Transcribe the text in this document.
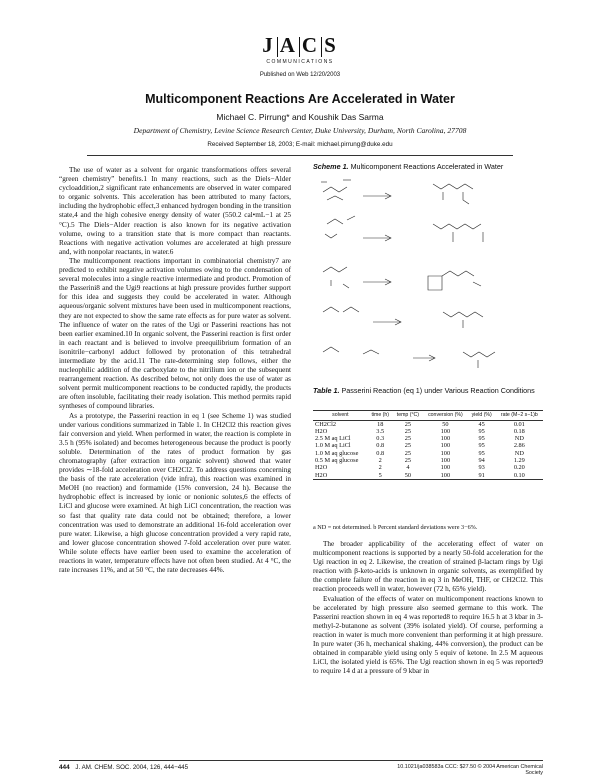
J A C S
COMMUNICATIONS
Published on Web 12/20/2003
Multicomponent Reactions Are Accelerated in Water
Michael C. Pirrung* and Koushik Das Sarma
Department of Chemistry, Levine Science Research Center, Duke University, Durham, North Carolina, 27708
Received September 18, 2003; E-mail: michael.pirrung@duke.edu

The use of water as a solvent for organic transformations offers several “green chemistry” benefits.1 In many reactions, such as the Diels−Alder cycloaddition,2 significant rate enhancements are observed in water compared to organic solvents. This acceleration has been attributed to many factors, including the hydrophobic effect,3 enhanced hydrogen bonding in the transition state,4 and the high cohesive energy density of water (550.2 cal•mL−1 at 25 °C).5 The Diels−Alder reaction is also known for its negative activation volume, owing to a transition state that is more compact than reactants. Reactions with negative activation volumes are accelerated at high pressure and, with nonpolar reactants, in water.6

The multicomponent reactions important in combinatorial chemistry7 are predicted to exhibit negative activation volumes owing to the condensation of several molecules into a single reactive intermediate and product. Promotion of the Passerini8 and the Ugi9 reactions at high pressure provides further support for this idea and suggests they could be accelerated in water. Although aqueous/organic solvent mixtures have been used in multicomponent reactions, they are not expected to show the same rate effects as for pure water as solvent. The influence of water on the rates of the Ugi or Passerini reactions has not been earlier examined.10 In organic solvent, the Passerini reaction is first order in each reactant and is believed to involve preequilibrium formation of an isonitrile−carbonyl adduct followed by protonation of this tetrahedral intermediate by the acid.11 The rate-determining step follows, either the nucleophilic addition of the carboxylate to the nitrilium ion or the subsequent rearrangement reaction. As described below, not only does the use of water as solvent permit multicomponent reactions to be conducted rapidly, the products are often insoluble, facilitating their ready isolation. This method permits rapid syntheses of compound libraries.

As a prototype, the Passerini reaction in eq 1 (see Scheme 1) was studied under various conditions summarized in Table 1. In CH2Cl2 this reaction gives fair conversion and yield. When performed in water, the reaction is complete in 3.5 h (95% isolated) and becomes heterogeneous because the product is poorly soluble. Determination of the rates of product formation by gas chromatography (after extraction into organic solvent) showed that water provides ∼18-fold acceleration over CH2Cl2. To address questions concerning the basis of the rate acceleration (vide infra), this reaction was examined in MeOH (no reaction) and formamide (15% conversion, 24 h). Because the hydrophobic effect is increased by ionic or nonionic solutes,6 the effects of LiCl and glucose were examined. At high LiCl concentration, the reaction was so fast that quality rate data could not be obtained; therefore, a lower concentration was used to demonstrate an additional 16-fold acceleration over pure water. Likewise, a high glucose concentration provided a very rapid rate, and lower glucose concentration showed 7-fold acceleration over pure water. While solute effects have earlier been used to examine the acceleration of reactions in water, temperature effects have not often been studied. At 4 °C, the rate increases 11%, and at 50 °C, the rate decreases 44%.

Scheme 1. Multicomponent Reactions Accelerated in Water
Table 1. Passerini Reaction (eq 1) under Various Reaction Conditions
solvent	time (h)	temp (°C)	conversion (%)	yield (%)	rate (M−2 s−1)b
CH2Cl2	18	25	50	45	0.01
H2O	3.5	25	100	95	0.18
2.5 M aq LiCl	0.3	25	100	95	ND
1.0 M aq LiCl	0.8	25	100	95	2.86
1.0 M aq glucose	0.8	25	100	95	ND
0.5 M aq glucose	2	25	100	94	1.29
H2O	2	4	100	93	0.20
H2O	5	50	100	91	0.10
a ND = not determined. b Percent standard deviations were 3−6%.

The broader applicability of the accelerating effect of water on multicomponent reactions is supported by a nearly 50-fold acceleration for the Ugi reaction in eq 2. Likewise, the creation of strained β-lactam rings by Ugi reaction with β-keto-acids is unknown in organic solvents, as exemplified by the complete failure of the reaction in eq 3 in MeOH, THF, or CH2Cl2. This reaction proceeds well in water, however (72 h, 65% yield).

Evaluation of the effects of water on multicomponent reactions known to be accelerated by high pressure also seemed germane to this work. The Passerini reaction shown in eq 4 was reported8 to require 16.5 h at 3 kbar in 3-methyl-2-butanone as solvent (39% isolated yield). Of course, performing a reaction in water is much more convenient than performing it at high pressure. In pure water (36 h, mechanical shaking, 44% conversion), the product can be obtained in comparable yield using only 5 equiv of ketone. In 2.5 M aqueous LiCl, the isolated yield is 65%. The Ugi reaction shown in eq 5 was reported9 to require 14 d at a pressure of 9 kbar in

444 J. AM. CHEM. SOC. 2004, 126, 444−445	10.1021/ja038583a CCC: $27.50 © 2004 American Chemical Society
